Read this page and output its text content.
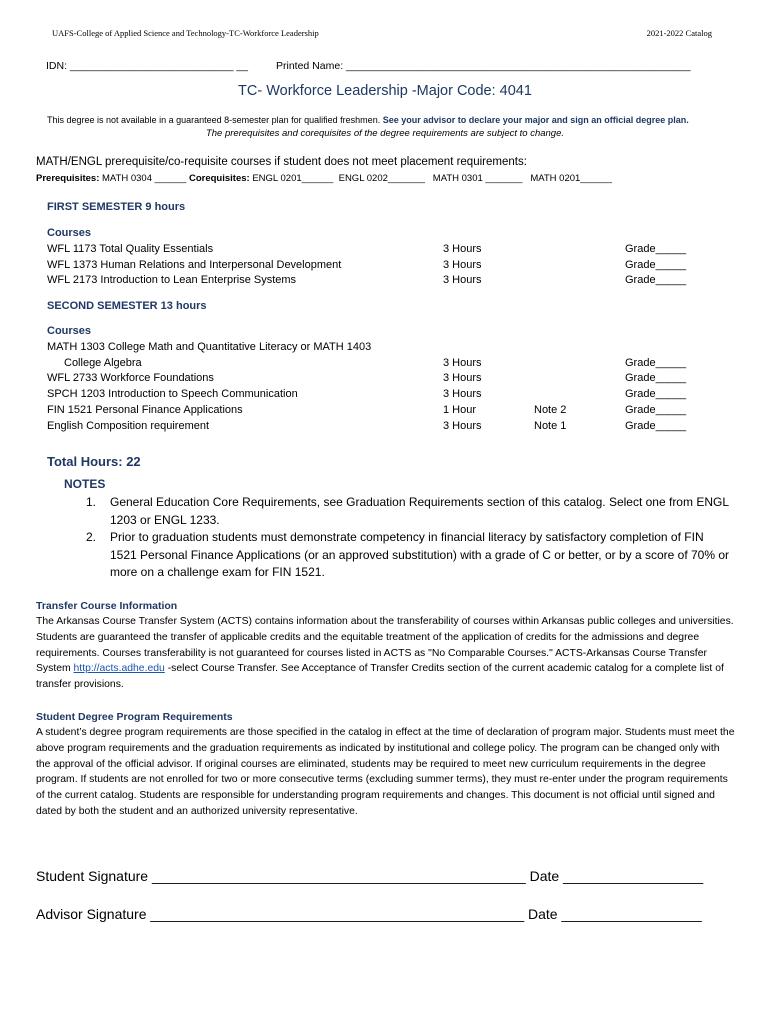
UAFS-College of Applied Science and Technology-TC-Workforce Leadership	2021-2022 Catalog
IDN: ____________________________ __	Printed Name: ___________________________________________________________
TC- Workforce Leadership -Major Code: 4041
This degree is not available in a guaranteed 8-semester plan for qualified freshmen. See your advisor to declare your major and sign an official degree plan.
The prerequisites and corequisites of the degree requirements are subject to change.
MATH/ENGL prerequisite/co-requisite courses if student does not meet placement requirements:
Prerequisites: MATH 0304 ______ Corequisites: ENGL 0201______  ENGL 0202_______   MATH 0301 _______   MATH 0201______
FIRST SEMESTER 9 hours
Courses
WFL 1173 Total Quality Essentials	3 Hours	Grade_____
WFL 1373 Human Relations and Interpersonal Development	3 Hours	Grade_____
WFL 2173 Introduction to Lean Enterprise Systems	3 Hours	Grade_____
SECOND SEMESTER 13 hours
Courses
MATH 1303 College Math and Quantitative Literacy or MATH 1403
College Algebra	3 Hours	Grade_____
WFL 2733 Workforce Foundations	3 Hours	Grade_____
SPCH 1203 Introduction to Speech Communication	3 Hours	Grade_____
FIN 1521 Personal Finance Applications	1 Hour	Note 2	Grade_____
English Composition requirement	3 Hours	Note 1	Grade_____
Total Hours: 22
NOTES
1. General Education Core Requirements, see Graduation Requirements section of this catalog. Select one from ENGL 1203 or ENGL 1233.
2. Prior to graduation students must demonstrate competency in financial literacy by satisfactory completion of FIN 1521 Personal Finance Applications (or an approved substitution) with a grade of C or better, or by a score of 70% or more on a challenge exam for FIN 1521.
Transfer Course Information
The Arkansas Course Transfer System (ACTS) contains information about the transferability of courses within Arkansas public colleges and universities. Students are guaranteed the transfer of applicable credits and the equitable treatment of the application of credits for the admissions and degree requirements. Courses transferability is not guaranteed for courses listed in ACTS as "No Comparable Courses." ACTS-Arkansas Course Transfer System http://acts.adhe.edu -select Course Transfer. See Acceptance of Transfer Credits section of the current academic catalog for a complete list of transfer provisions.
Student Degree Program Requirements
A student’s degree program requirements are those specified in the catalog in effect at the time of declaration of program major. Students must meet the above program requirements and the graduation requirements as indicated by institutional and college policy. The program can be changed only with the approval of the official advisor. If original courses are eliminated, students may be required to meet new curriculum requirements in the degree program. If students are not enrolled for two or more consecutive terms (excluding summer terms), they must re-enter under the program requirements of the current catalog. Students are responsible for understanding program requirements and changes. This document is not official until signed and dated by both the student and an authorized university representative.
Student Signature ________________________________________________ Date __________________
Advisor Signature ________________________________________________ Date __________________
